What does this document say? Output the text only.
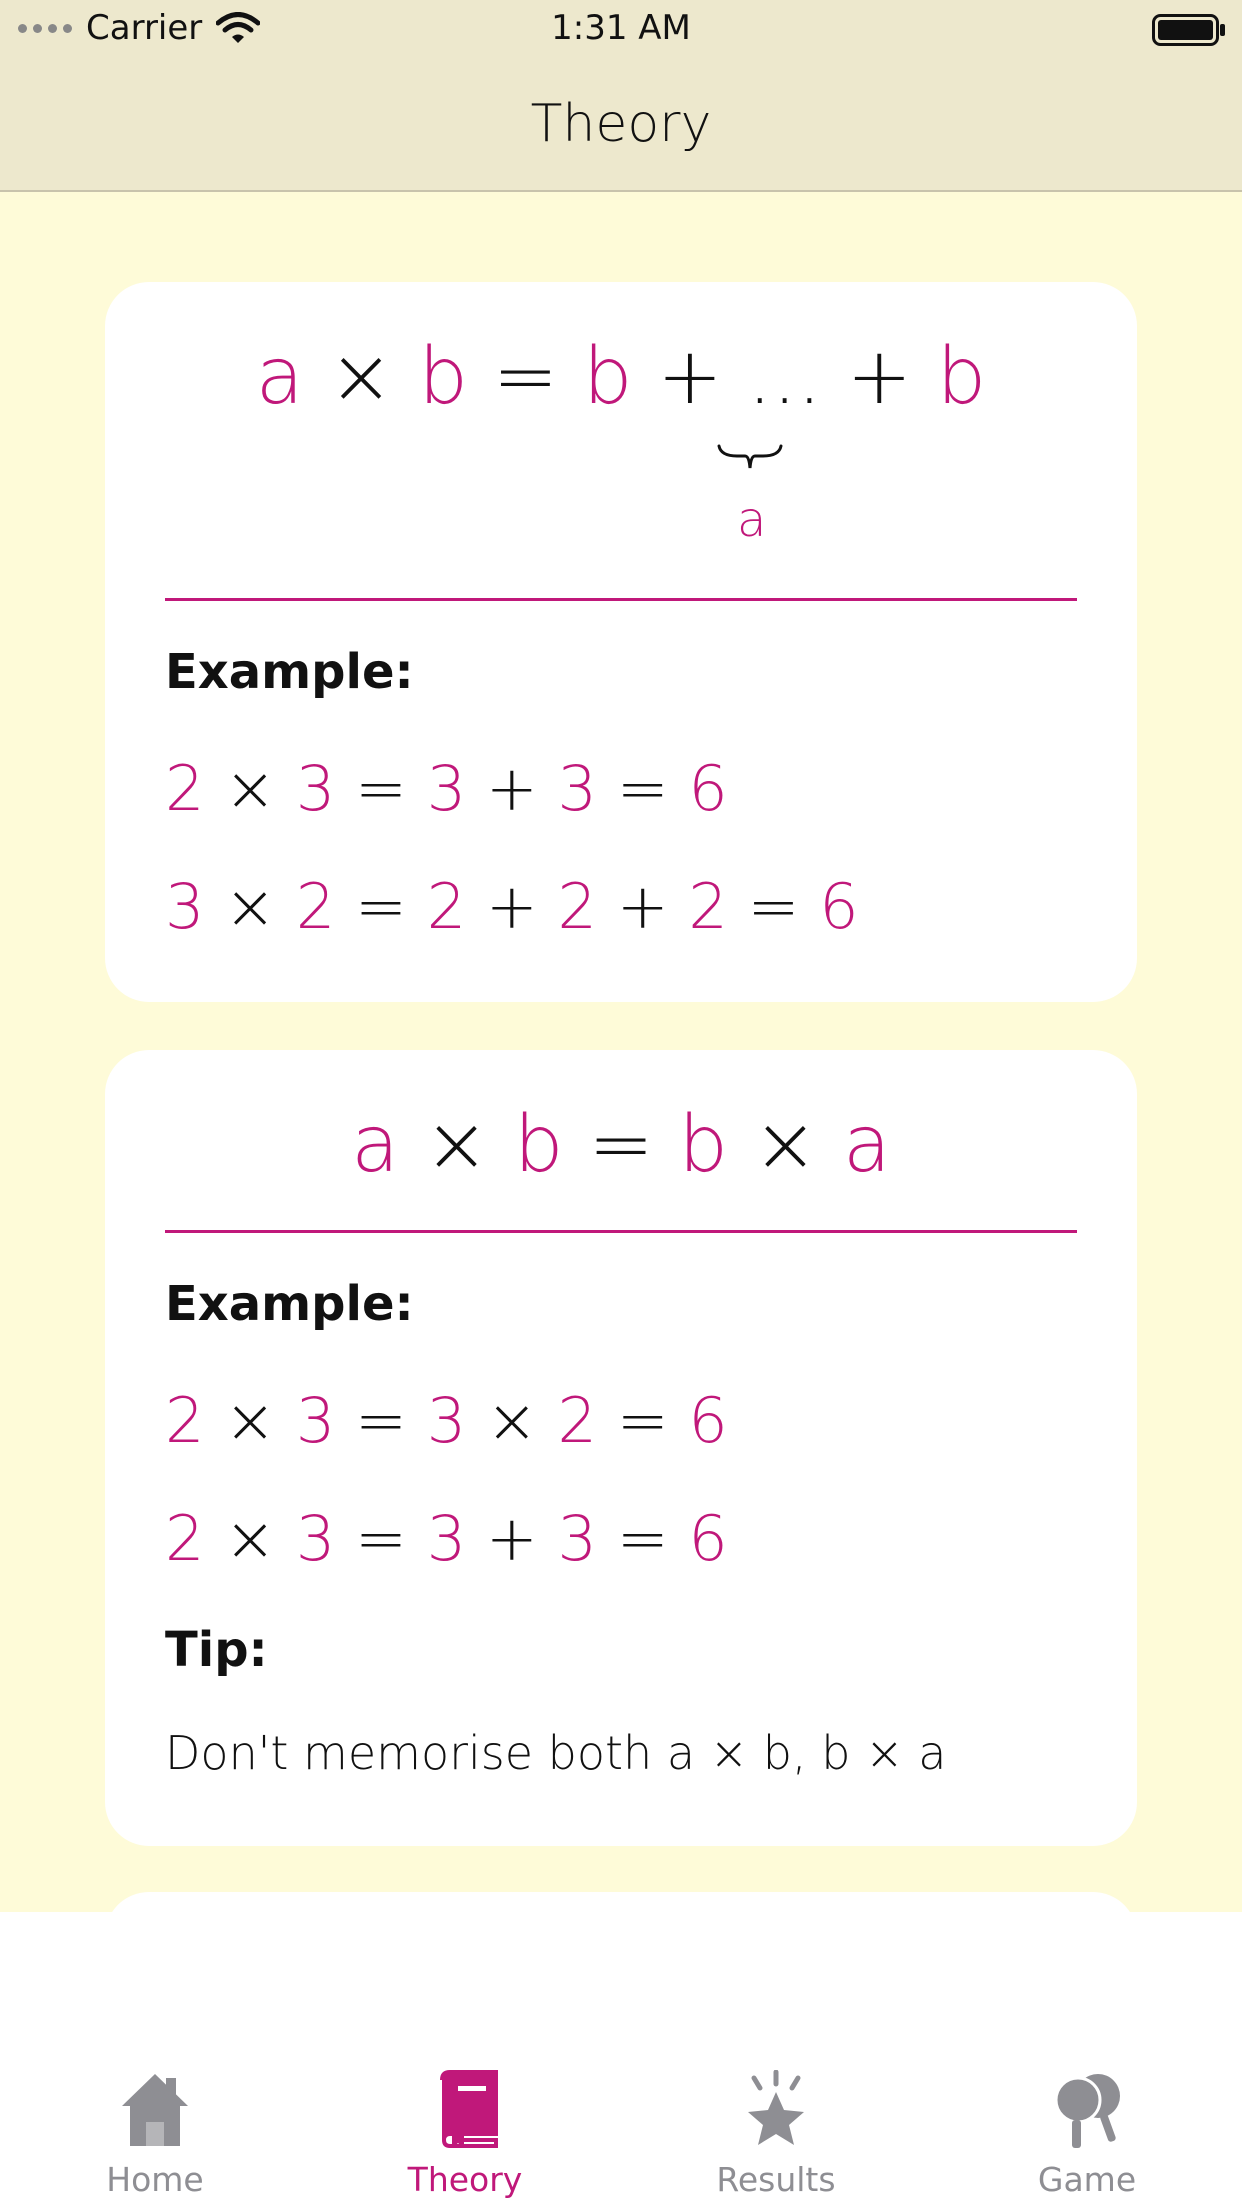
Carrier	1:31 AM
Theory
a × b = b + ... + b
a
Example:
2 × 3 = 3 + 3 = 6
3 × 2 = 2 + 2 + 2 = 6
a × b = b × a
Example:
2 × 3 = 3 × 2 = 6
2 × 3 = 3 + 3 = 6
Tip:
Don't memorise both a × b, b × a
Home	Theory	Results	Game
